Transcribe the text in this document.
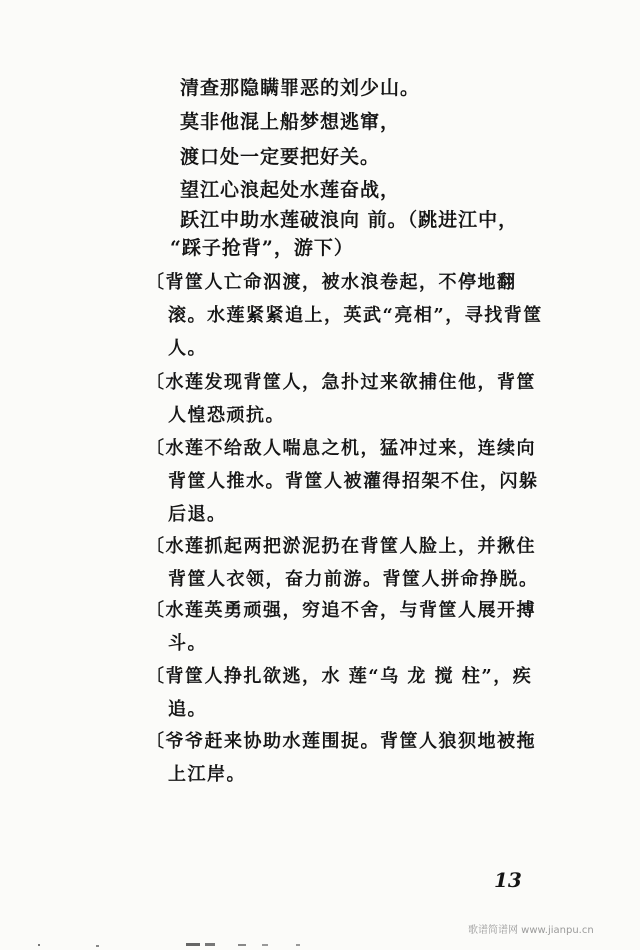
清查那隐瞒罪恶的刘少山。
莫非他混上船梦想逃窜，
渡口处一定要把好关。
望江心浪起处水莲奋战，
跃江中助水莲破浪向 前。（跳进江中，
“踩子抢背”，游下）
〔背筐人亡命泅渡，被水浪卷起，不停地翻
滚。水莲紧紧追上，英武“亮相”，寻找背筐
人。
〔水莲发现背筐人，急扑过来欲捕住他，背筐
人惶恐顽抗。
〔水莲不给敌人喘息之机，猛冲过来，连续向
背筐人推水。背筐人被灌得招架不住，闪躲
后退。
〔水莲抓起两把淤泥扔在背筐人脸上，并揪住
背筐人衣领，奋力前游。背筐人拼命挣脱。
〔水莲英勇顽强，穷追不舍，与背筐人展开搏
斗。
〔背筐人挣扎欲逃，水 莲“乌 龙 搅 柱”，疾
追。
〔爷爷赶来协助水莲围捉。背筐人狼狈地被拖
上江岸。
13
歌谱简谱网 www.jianpu.cn
